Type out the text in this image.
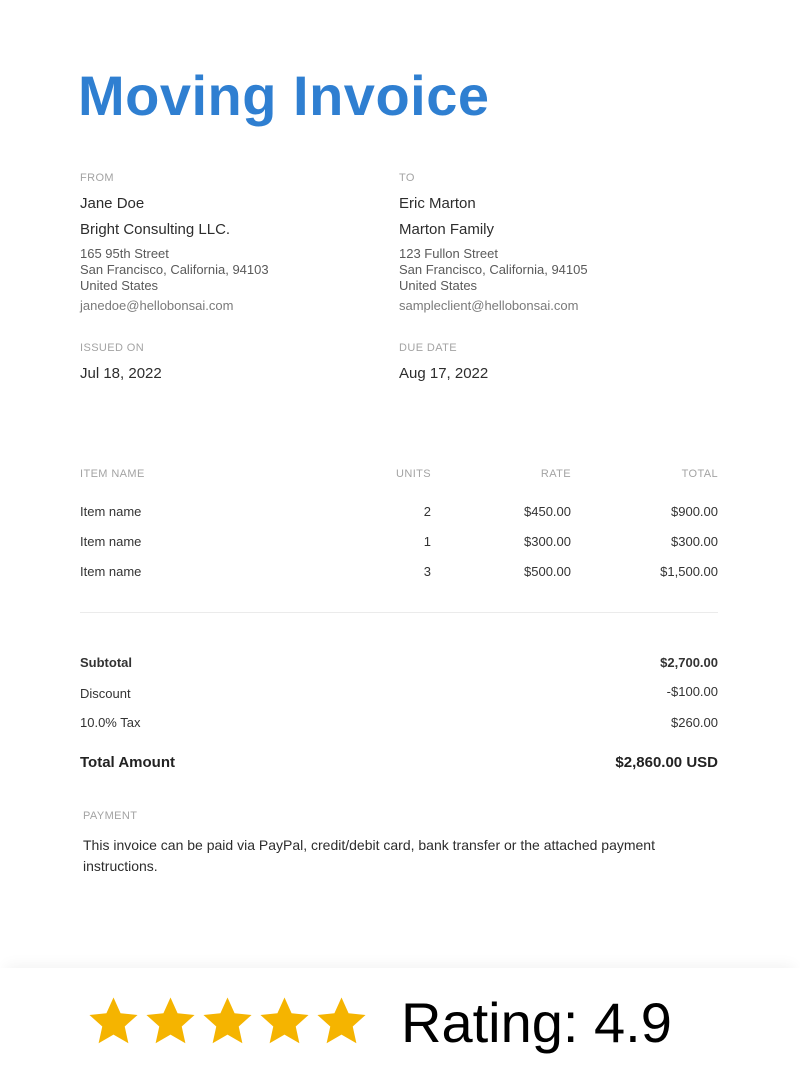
Moving Invoice
FROM
Jane Doe
Bright Consulting LLC.
165 95th Street
San Francisco, California, 94103
United States
janedoe@hellobonsai.com
TO
Eric Marton
Marton Family
123 Fullon Street
San Francisco, California, 94105
United States
sampleclient@hellobonsai.com
ISSUED ON
Jul 18, 2022
DUE DATE
Aug 17, 2022
ITEM NAME	UNITS	RATE	TOTAL
Item name	2	$450.00	$900.00
Item name	1	$300.00	$300.00
Item name	3	$500.00	$1,500.00
Subtotal	$2,700.00
Discount	-$100.00
10.0% Tax	$260.00
Total Amount	$2,860.00 USD
PAYMENT
This invoice can be paid via PayPal, credit/debit card, bank transfer or the attached payment instructions.
Rating: 4.9
